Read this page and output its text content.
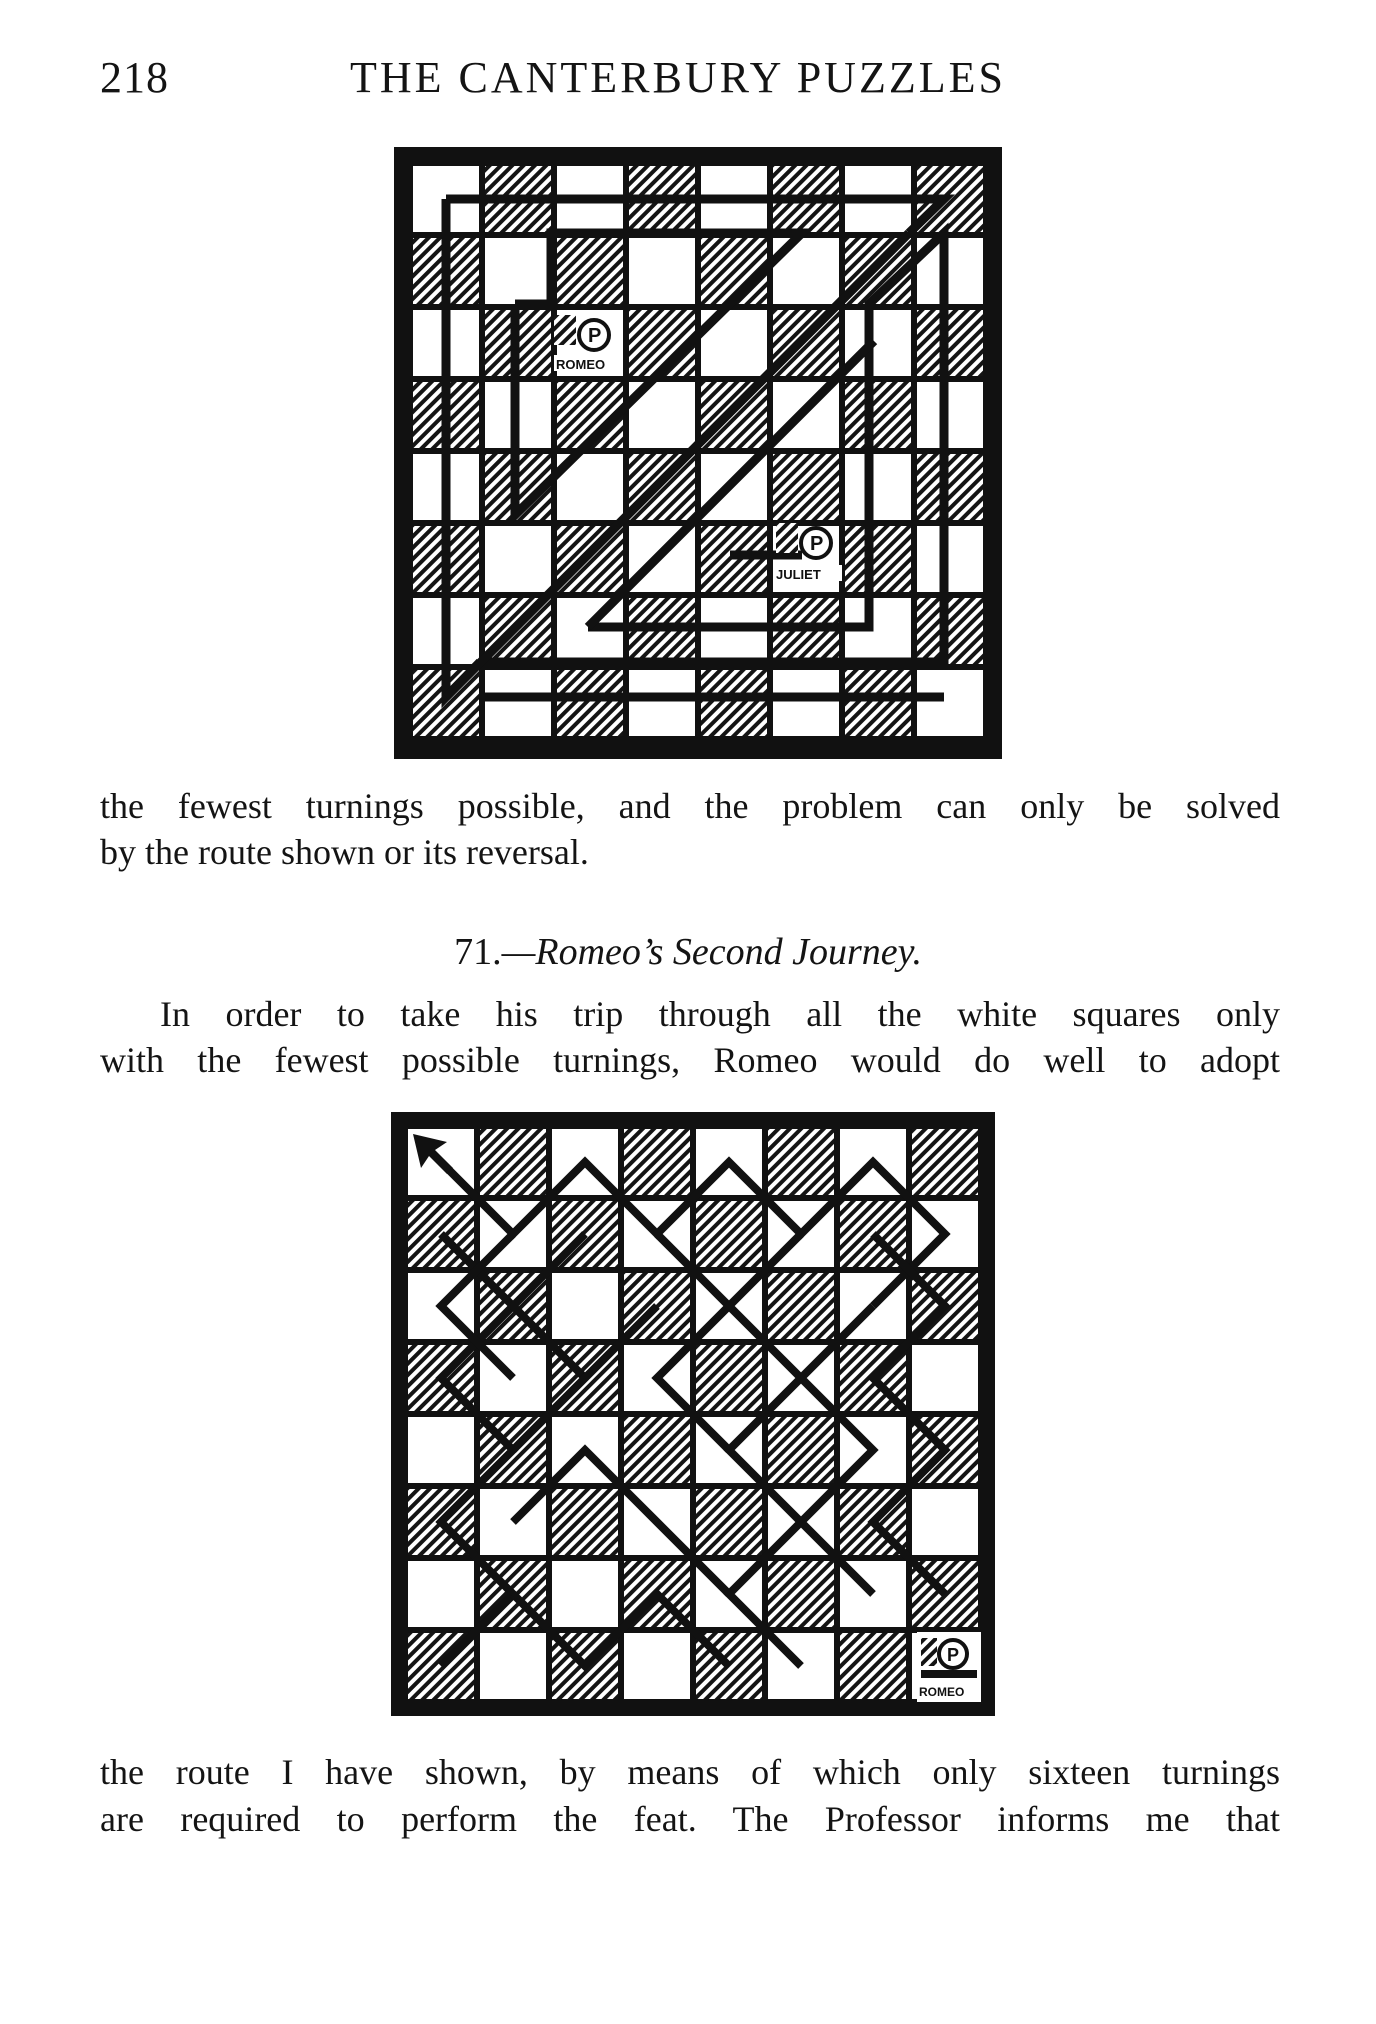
218	THE CANTERBURY PUZZLES
P
ROMEO
P
JULIET
the fewest turnings possible, and the problem can only be solved
by the route shown or its reversal.
71.—Romeo’s Second Journey.
In order to take his trip through all the white squares only
with the fewest possible turnings, Romeo would do well to adopt
P
ROMEO
the route I have shown, by means of which only sixteen turnings
are required to perform the feat. The Professor informs me that
